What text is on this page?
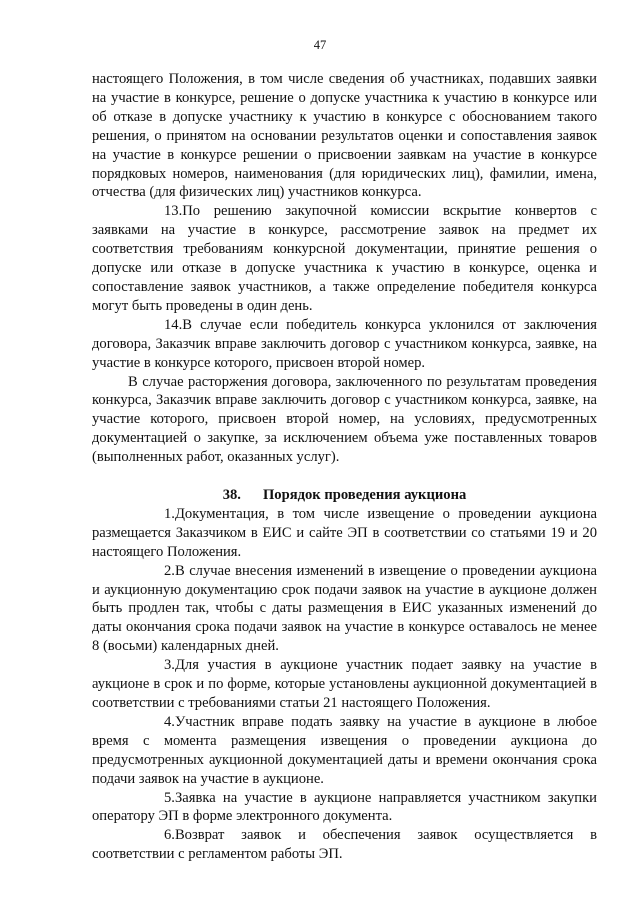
47

настоящего Положения, в том числе сведения об участниках, подавших заявки на участие в конкурсе, решение о допуске участника к участию в конкурсе или об отказе в допуске участнику к участию в конкурсе с обоснованием такого решения, о принятом на основании результатов оценки и сопоставления заявок на участие в конкурсе решении о присвоении заявкам на участие в конкурсе порядковых номеров, наименования (для юридических лиц), фамилии, имена, отчества (для физических лиц) участников конкурса.

13.По решению закупочной комиссии вскрытие конвертов с заявками на участие в конкурсе, рассмотрение заявок на предмет их соответствия требованиям конкурсной документации, принятие решения о допуске или отказе в допуске участника к участию в конкурсе, оценка и сопоставление заявок участников, а также определение победителя конкурса могут быть проведены в один день.

14.В случае если победитель конкурса уклонился от заключения договора, Заказчик вправе заключить договор с участником конкурса, заявке, на участие в конкурсе которого, присвоен второй номер.

В случае расторжения договора, заключенного по результатам проведения конкурса, Заказчик вправе заключить договор с участником конкурса, заявке, на участие которого, присвоен второй номер, на условиях, предусмотренных документацией о закупке, за исключением объема уже поставленных товаров (выполненных работ, оказанных услуг).

38. Порядок проведения аукциона

1.Документация, в том числе извещение о проведении аукциона размещается Заказчиком в ЕИС и сайте ЭП в соответствии со статьями 19 и 20 настоящего Положения.

2.В случае внесения изменений в извещение о проведении аукциона и аукционную документацию срок подачи заявок на участие в аукционе должен быть продлен так, чтобы с даты размещения в ЕИС указанных изменений до даты окончания срока подачи заявок на участие в конкурсе оставалось не менее 8 (восьми) календарных дней.

3.Для участия в аукционе участник подает заявку на участие в аукционе в срок и по форме, которые установлены аукционной документацией в соответствии с требованиями статьи 21 настоящего Положения.

4.Участник вправе подать заявку на участие в аукционе в любое время с момента размещения извещения о проведении аукциона до предусмотренных аукционной документацией даты и времени окончания срока подачи заявок на участие в аукционе.

5.Заявка на участие в аукционе направляется участником закупки оператору ЭП в форме электронного документа.

6.Возврат заявок и обеспечения заявок осуществляется в соответствии с регламентом работы ЭП.
